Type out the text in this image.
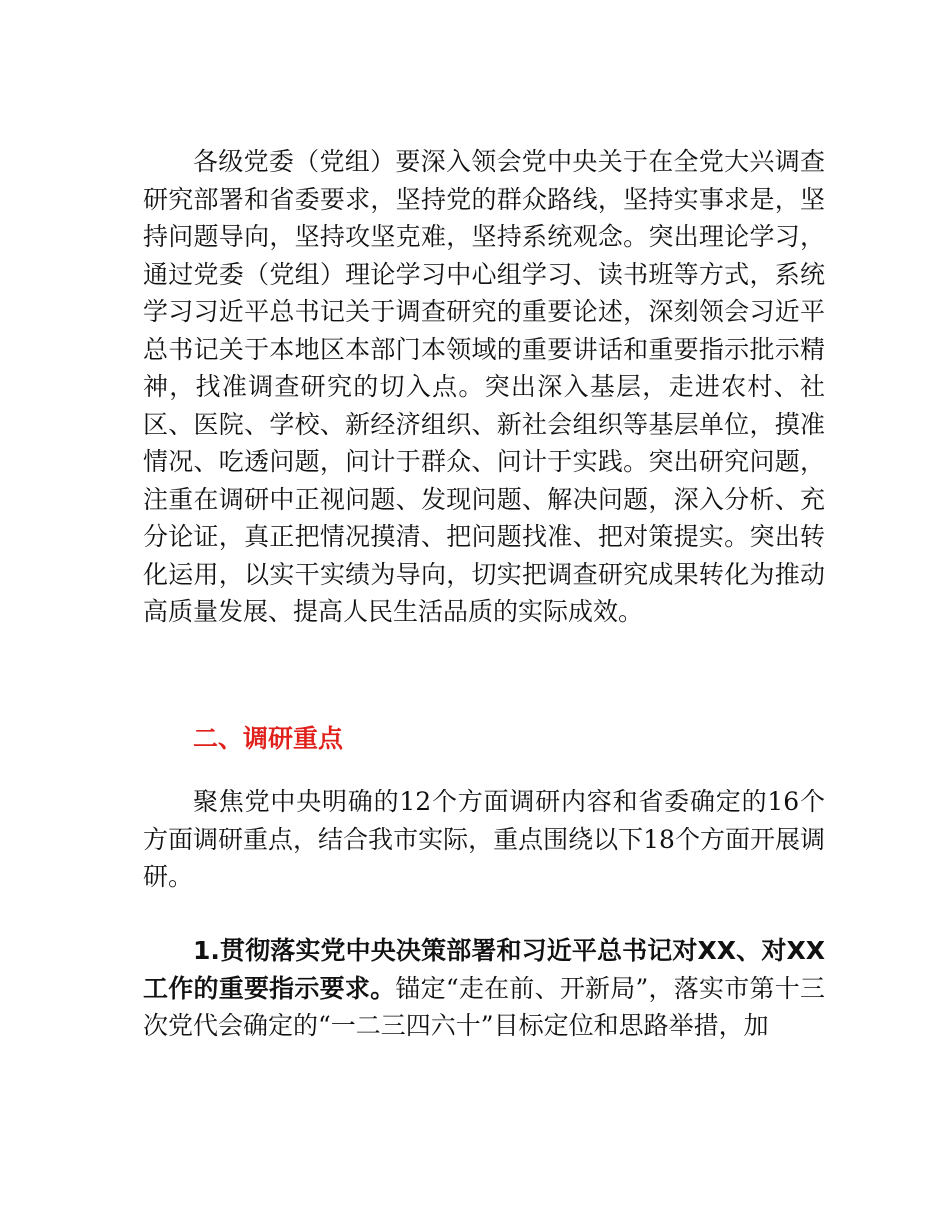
各级党委（党组）要深入领会党中央关于在全党大兴调查研究部署和省委要求，坚持党的群众路线，坚持实事求是，坚持问题导向，坚持攻坚克难，坚持系统观念。突出理论学习，通过党委（党组）理论学习中心组学习、读书班等方式，系统学习习近平总书记关于调查研究的重要论述，深刻领会习近平总书记关于本地区本部门本领域的重要讲话和重要指示批示精神，找准调查研究的切入点。突出深入基层，走进农村、社区、医院、学校、新经济组织、新社会组织等基层单位，摸准情况、吃透问题，问计于群众、问计于实践。突出研究问题，注重在调研中正视问题、发现问题、解决问题，深入分析、充分论证，真正把情况摸清、把问题找准、把对策提实。突出转化运用，以实干实绩为导向，切实把调查研究成果转化为推动高质量发展、提高人民生活品质的实际成效。

二、调研重点

聚焦党中央明确的12个方面调研内容和省委确定的16个方面调研重点，结合我市实际，重点围绕以下18个方面开展调研。

1.贯彻落实党中央决策部署和习近平总书记对XX、对XX工作的重要指示要求。锚定“走在前、开新局”，落实市第十三次党代会确定的“一二三四六十”目标定位和思路举措，加
